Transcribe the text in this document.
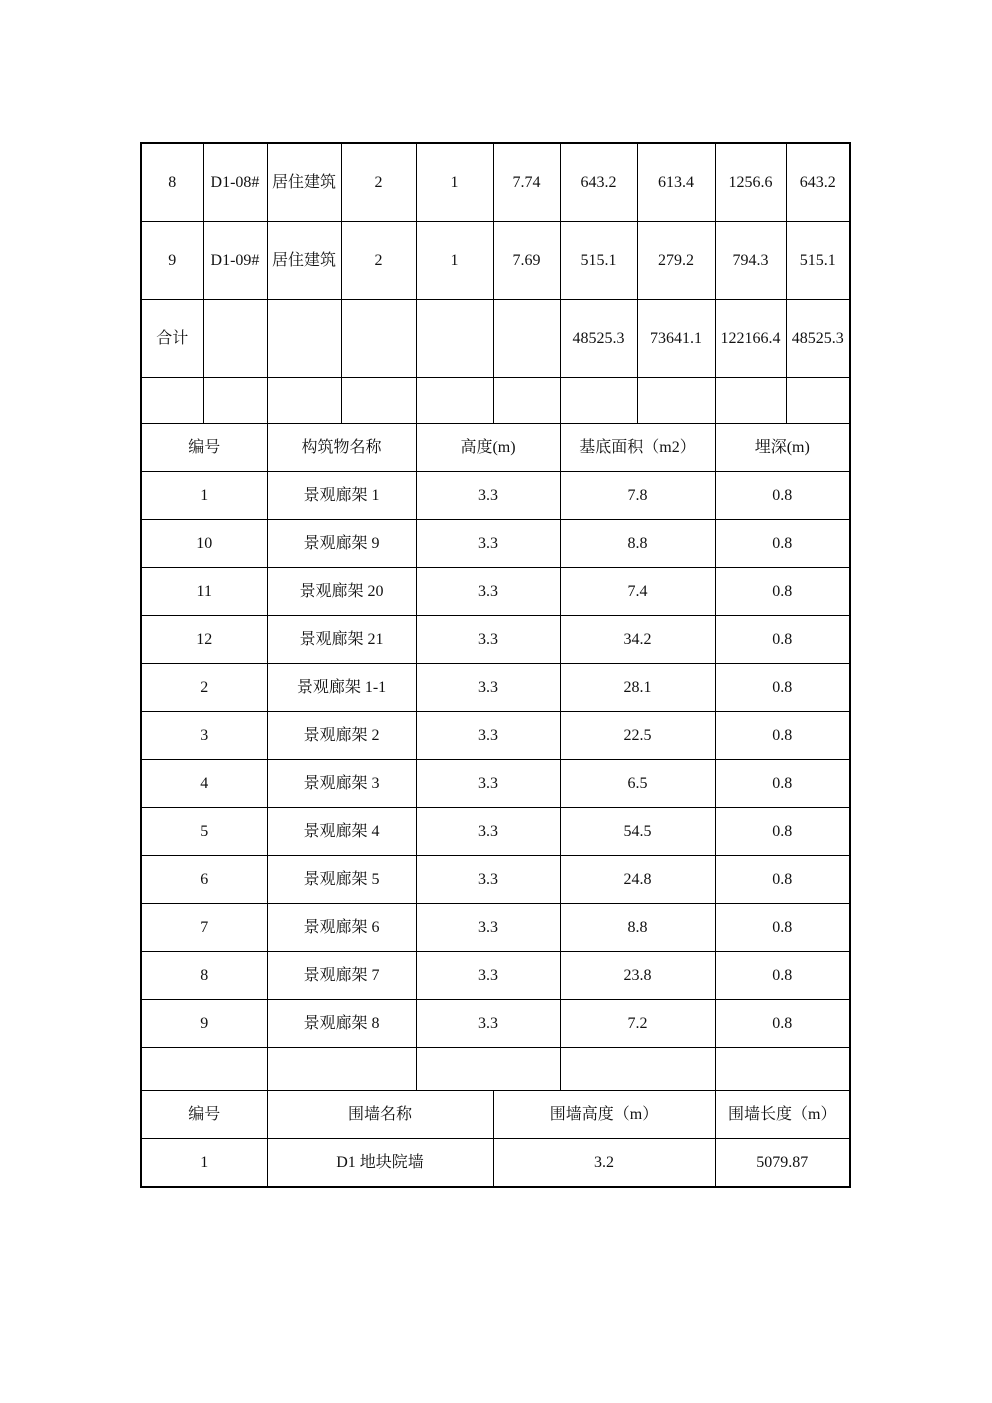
8	D1-08#	居住建筑	2	1	7.74	643.2	613.4	1256.6	643.2
9	D1-09#	居住建筑	2	1	7.69	515.1	279.2	794.3	515.1
合计						48525.3	73641.1	122166.4	48525.3

编号		构筑物名称		高度(m)		基底面积（m2）		埋深(m)	
1		景观廊架 1		3.3		7.8		0.8	
10		景观廊架 9		3.3		8.8		0.8	
11		景观廊架 20		3.3		7.4		0.8	
12		景观廊架 21		3.3		34.2		0.8	
2		景观廊架 1-1		3.3		28.1		0.8	
3		景观廊架 2		3.3		22.5		0.8	
4		景观廊架 3		3.3		6.5		0.8	
5		景观廊架 4		3.3		54.5		0.8	
6		景观廊架 5		3.3		24.8		0.8	
7		景观廊架 6		3.3		8.8		0.8	
8		景观廊架 7		3.3		23.8		0.8	
9		景观廊架 8		3.3		7.2		0.8	

编号		围墙名称			围墙高度（m）			围墙长度（m）	
1		D1 地块院墙			3.2			5079.87	
